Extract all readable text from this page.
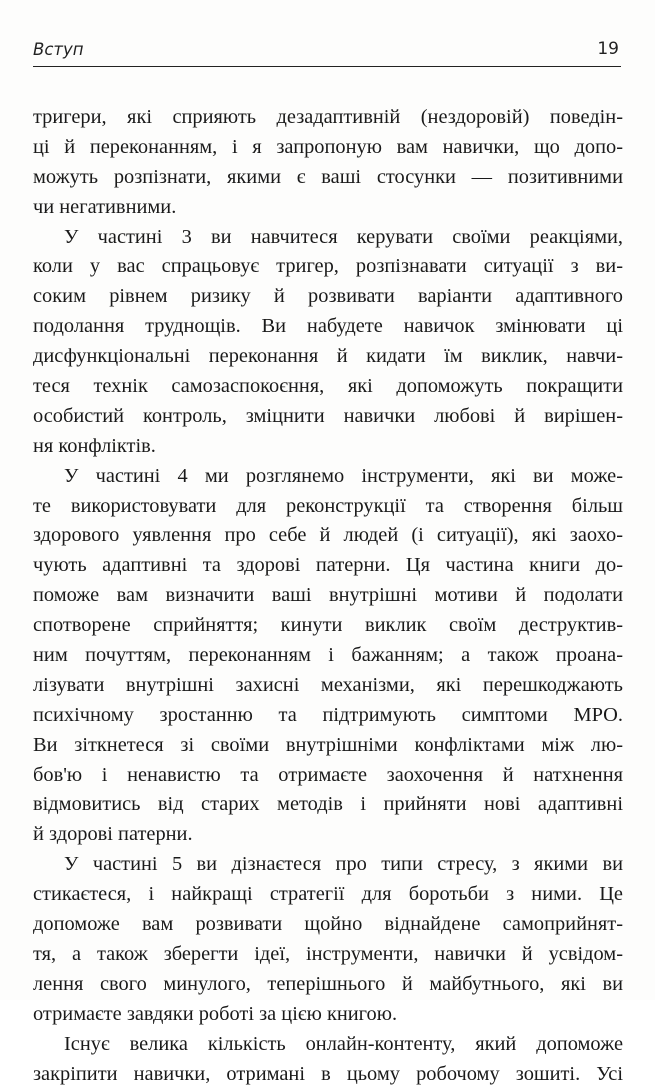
Вступ	19
тригери, які сприяють дезадаптивній (нездоровій) поведін-
ці й переконанням, і я запропоную вам навички, що допо-
можуть розпізнати, якими є ваші стосунки — позитивними
чи негативними.
У частині 3 ви навчитеся керувати своїми реакціями,
коли у вас спрацьовує тригер, розпізнавати ситуації з ви-
соким рівнем ризику й розвивати варіанти адаптивного
подолання труднощів. Ви набудете навичок змінювати ці
дисфункціональні переконання й кидати їм виклик, навчи-
теся технік самозаспокоєння, які допоможуть покращити
особистий контроль, зміцнити навички любові й вирішен-
ня конфліктів.
У частині 4 ми розглянемо інструменти, які ви може-
те використовувати для реконструкції та створення більш
здорового уявлення про себе й людей (і ситуації), які заохо-
чують адаптивні та здорові патерни. Ця частина книги до-
поможе вам визначити ваші внутрішні мотиви й подолати
спотворене сприйняття; кинути виклик своїм деструктив-
ним почуттям, переконанням і бажанням; а також проана-
лізувати внутрішні захисні механізми, які перешкоджають
психічному зростанню та підтримують симптоми МРО.
Ви зіткнетеся зі своїми внутрішніми конфліктами між лю-
бов'ю і ненавистю та отримаєте заохочення й натхнення
відмовитись від старих методів і прийняти нові адаптивні
й здорові патерни.
У частині 5 ви дізнаєтеся про типи стресу, з якими ви
стикаєтеся, і найкращі стратегії для боротьби з ними. Це
допоможе вам розвивати щойно віднайдене самоприйнят-
тя, а також зберегти ідеї, інструменти, навички й усвідом-
лення свого минулого, теперішнього й майбутнього, які ви
отримаєте завдяки роботі за цією книгою.
Існує велика кількість онлайн-контенту, який допоможе
закріпити навички, отримані в цьому робочому зошиті. Усі
